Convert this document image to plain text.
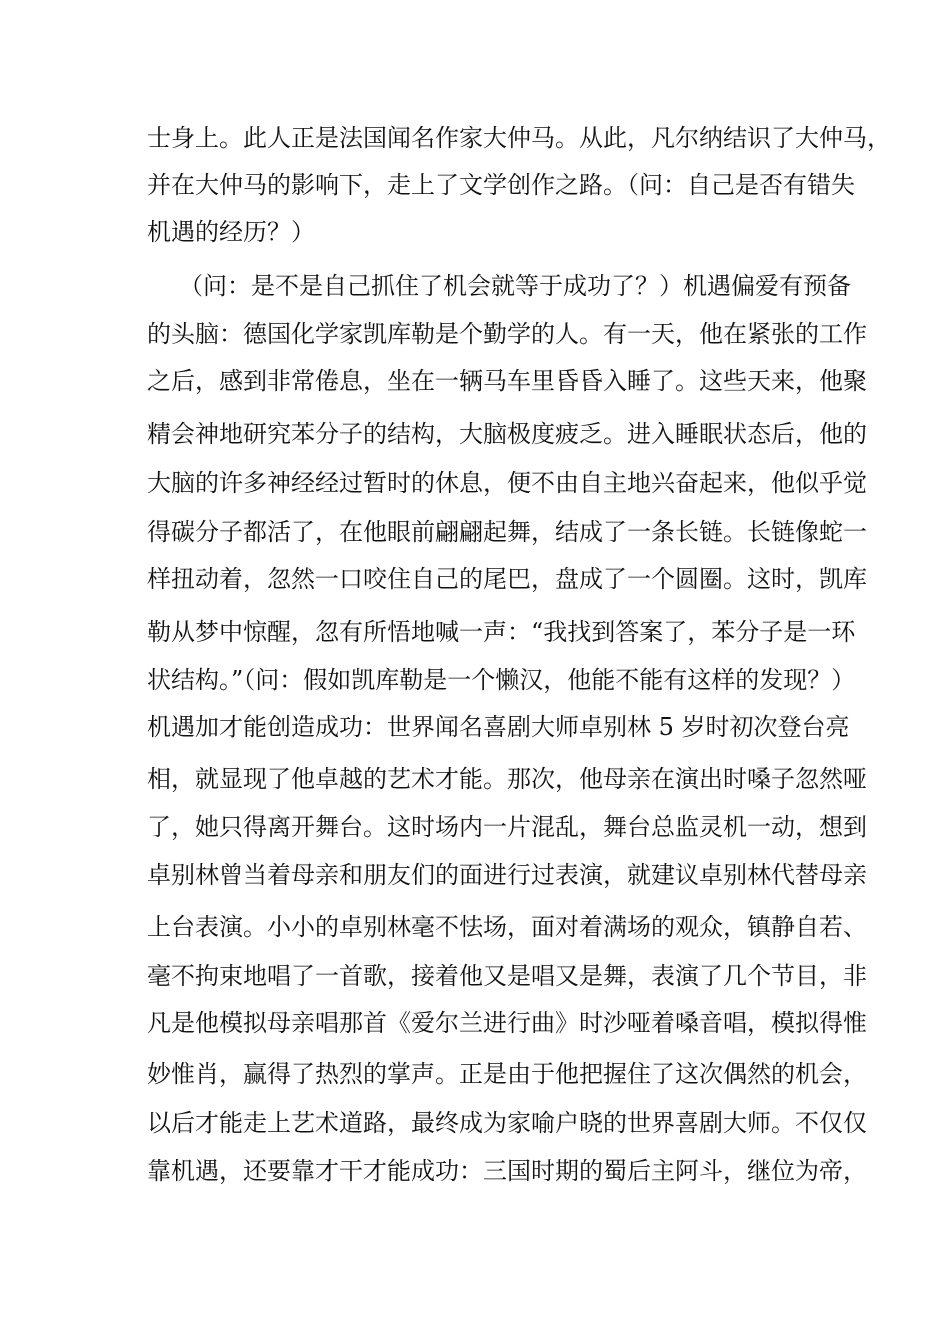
士身上。此人正是法国闻名作家大仲马。从此，凡尔纳结识了大仲马，
并在大仲马的影响下，走上了文学创作之路。（问：自己是否有错失
机遇的经历？）
（问：是不是自己抓住了机会就等于成功了？）机遇偏爱有预备
的头脑：德国化学家凯库勒是个勤学的人。有一天，他在紧张的工作
之后，感到非常倦息，坐在一辆马车里昏昏入睡了。这些天来，他聚
精会神地研究苯分子的结构，大脑极度疲乏。进入睡眠状态后，他的
大脑的许多神经经过暂时的休息，便不由自主地兴奋起来，他似乎觉
得碳分子都活了，在他眼前翩翩起舞，结成了一条长链。长链像蛇一
样扭动着，忽然一口咬住自己的尾巴，盘成了一个圆圈。这时，凯库
勒从梦中惊醒，忽有所悟地喊一声：“我找到答案了，苯分子是一环
状结构。”（问：假如凯库勒是一个懒汉，他能不能有这样的发现？）
机遇加才能创造成功：世界闻名喜剧大师卓别林 5 岁时初次登台亮
相，就显现了他卓越的艺术才能。那次，他母亲在演出时嗓子忽然哑
了，她只得离开舞台。这时场内一片混乱，舞台总监灵机一动，想到
卓别林曾当着母亲和朋友们的面进行过表演，就建议卓别林代替母亲
上台表演。小小的卓别林毫不怯场，面对着满场的观众，镇静自若、
毫不拘束地唱了一首歌，接着他又是唱又是舞，表演了几个节目，非
凡是他模拟母亲唱那首《爱尔兰进行曲》时沙哑着嗓音唱，模拟得惟
妙惟肖，赢得了热烈的掌声。正是由于他把握住了这次偶然的机会，
以后才能走上艺术道路，最终成为家喻户晓的世界喜剧大师。不仅仅
靠机遇，还要靠才干才能成功：三国时期的蜀后主阿斗，继位为帝，
